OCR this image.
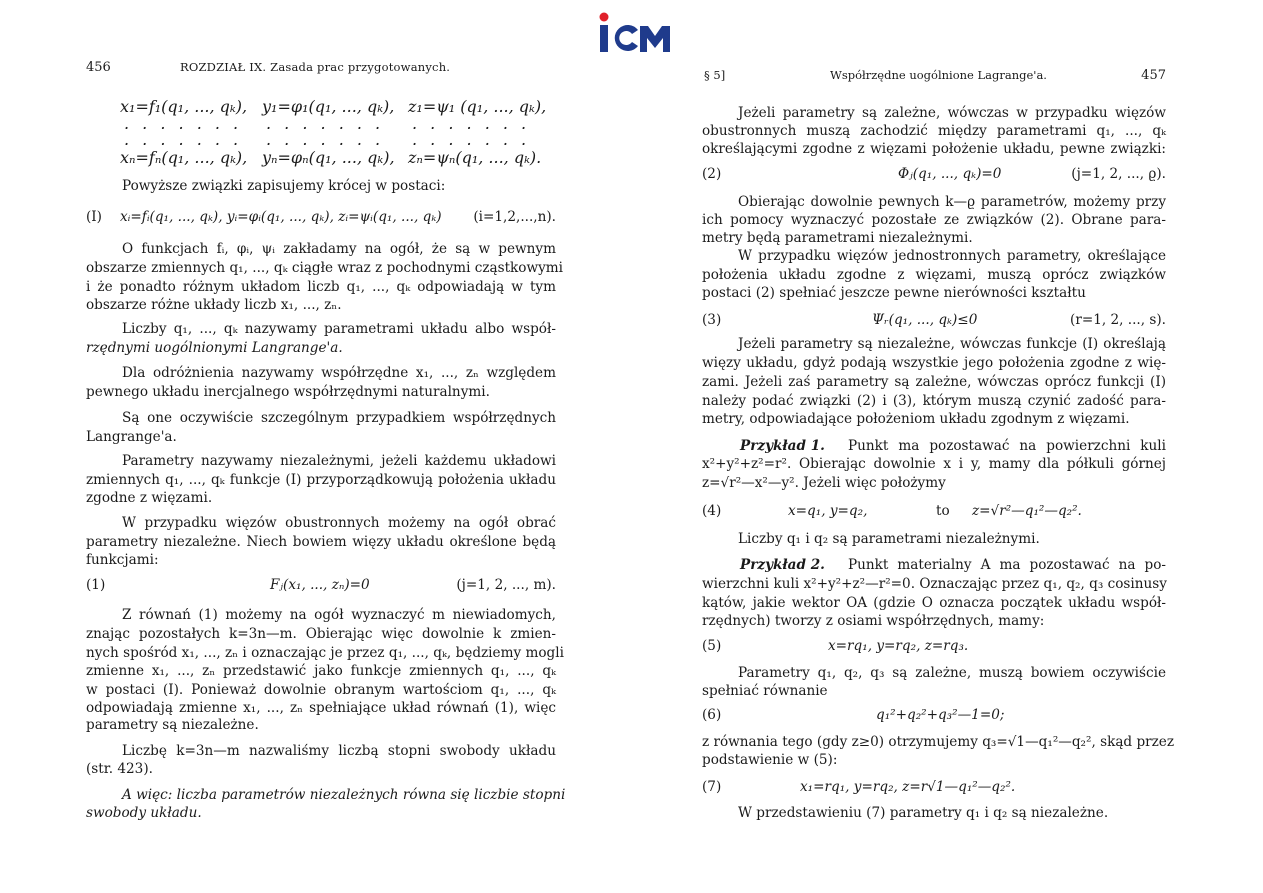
456	ROZDZIAŁ IX. Zasada prac przygotowanych.
x₁=f₁(q₁, ..., qₖ), y₁=φ₁(q₁, ..., qₖ), z₁=ψ₁ (q₁, ..., qₖ),
. . . . . . . . . . . . . . . . . . . . .
. . . . . . . . . . . . . . . . . . . . .
xₙ=fₙ(q₁, ..., qₖ), yₙ=φₙ(q₁, ..., qₖ), zₙ=ψₙ(q₁, ..., qₖ).
Powyższe związki zapisujemy krócej w postaci:
(I) xᵢ=fᵢ(q₁, ..., qₖ), yᵢ=φᵢ(q₁, ..., qₖ), zᵢ=ψᵢ(q₁, ..., qₖ) (i=1,2,...,n).
O funkcjach fᵢ, φᵢ, ψᵢ zakładamy na ogół, że są w pewnym
obszarze zmiennych q₁, ..., qₖ ciągłe wraz z pochodnymi cząstkowymi
i że ponadto różnym układom liczb q₁, ..., qₖ odpowiadają w tym
obszarze różne układy liczb x₁, ..., zₙ.
Liczby q₁, ..., qₖ nazywamy parametrami układu albo współ-
rzędnymi uogólnionymi Langrange'a.
Dla odróżnienia nazywamy współrzędne x₁, ..., zₙ względem
pewnego układu inercjalnego współrzędnymi naturalnymi.
Są one oczywiście szczególnym przypadkiem współrzędnych
Langrange'a.
Parametry nazywamy niezależnymi, jeżeli każdemu układowi
zmiennych q₁, ..., qₖ funkcje (I) przyporządkowują położenia układu
zgodne z więzami.
W przypadku więzów obustronnych możemy na ogół obrać
parametry niezależne. Niech bowiem więzy układu określone będą
funkcjami:
(1)	Fⱼ(x₁, ..., zₙ)=0	(j=1, 2, ..., m).
Z równań (1) możemy na ogół wyznaczyć m niewiadomych,
znając pozostałych k=3n—m. Obierając więc dowolnie k zmien-
nych spośród x₁, ..., zₙ i oznaczając je przez q₁, ..., qₖ, będziemy mogli
zmienne x₁, ..., zₙ przedstawić jako funkcje zmiennych q₁, ..., qₖ
w postaci (I). Ponieważ dowolnie obranym wartościom q₁, ..., qₖ
odpowiadają zmienne x₁, ..., zₙ spełniające układ równań (1), więc
parametry są niezależne.
Liczbę k=3n—m nazwaliśmy liczbą stopni swobody układu
(str. 423).
A więc: liczba parametrów niezależnych równa się liczbie stopni
swobody układu.
§ 5]	Współrzędne uogólnione Lagrange'a.	457
Jeżeli parametry są zależne, wówczas w przypadku więzów
obustronnych muszą zachodzić między parametrami q₁, ..., qₖ
określającymi zgodne z więzami położenie układu, pewne związki:
(2)	Φⱼ(q₁, ..., qₖ)=0	(j=1, 2, ..., ϱ).
Obierając dowolnie pewnych k—ϱ parametrów, możemy przy
ich pomocy wyznaczyć pozostałe ze związków (2). Obrane para-
metry będą parametrami niezależnymi.
W przypadku więzów jednostronnych parametry, określające
położenia układu zgodne z więzami, muszą oprócz związków
postaci (2) spełniać jeszcze pewne nierówności kształtu
(3)	Ψᵣ(q₁, ..., qₖ)≤0	(r=1, 2, ..., s).
Jeżeli parametry są niezależne, wówczas funkcje (I) określają
więzy układu, gdyż podają wszystkie jego położenia zgodne z wię-
zami. Jeżeli zaś parametry są zależne, wówczas oprócz funkcji (I)
należy podać związki (2) i (3), którym muszą czynić zadość para-
metry, odpowiadające położeniom układu zgodnym z więzami.
Przykład 1. Punkt ma pozostawać na powierzchni kuli
x²+y²+z²=r². Obierając dowolnie x i y, mamy dla półkuli górnej
z=√r²—x²—y². Jeżeli więc położymy
(4)	x=q₁, y=q₂,	to z=√r²—q₁²—q₂².
Liczby q₁ i q₂ są parametrami niezależnymi.
Przykład 2. Punkt materialny A ma pozostawać na po-
wierzchni kuli x²+y²+z²—r²=0. Oznaczając przez q₁, q₂, q₃ cosinusy
kątów, jakie wektor OA (gdzie O oznacza początek układu współ-
rzędnych) tworzy z osiami współrzędnych, mamy:
(5)	x=rq₁, y=rq₂, z=rq₃.
Parametry q₁, q₂, q₃ są zależne, muszą bowiem oczywiście
spełniać równanie
(6)	q₁²+q₂²+q₃²—1=0;
z równania tego (gdy z≥0) otrzymujemy q₃=√1—q₁²—q₂², skąd przez
podstawienie w (5):
(7)	x₁=rq₁, y=rq₂, z=r√1—q₁²—q₂².
W przedstawieniu (7) parametry q₁ i q₂ są niezależne.
